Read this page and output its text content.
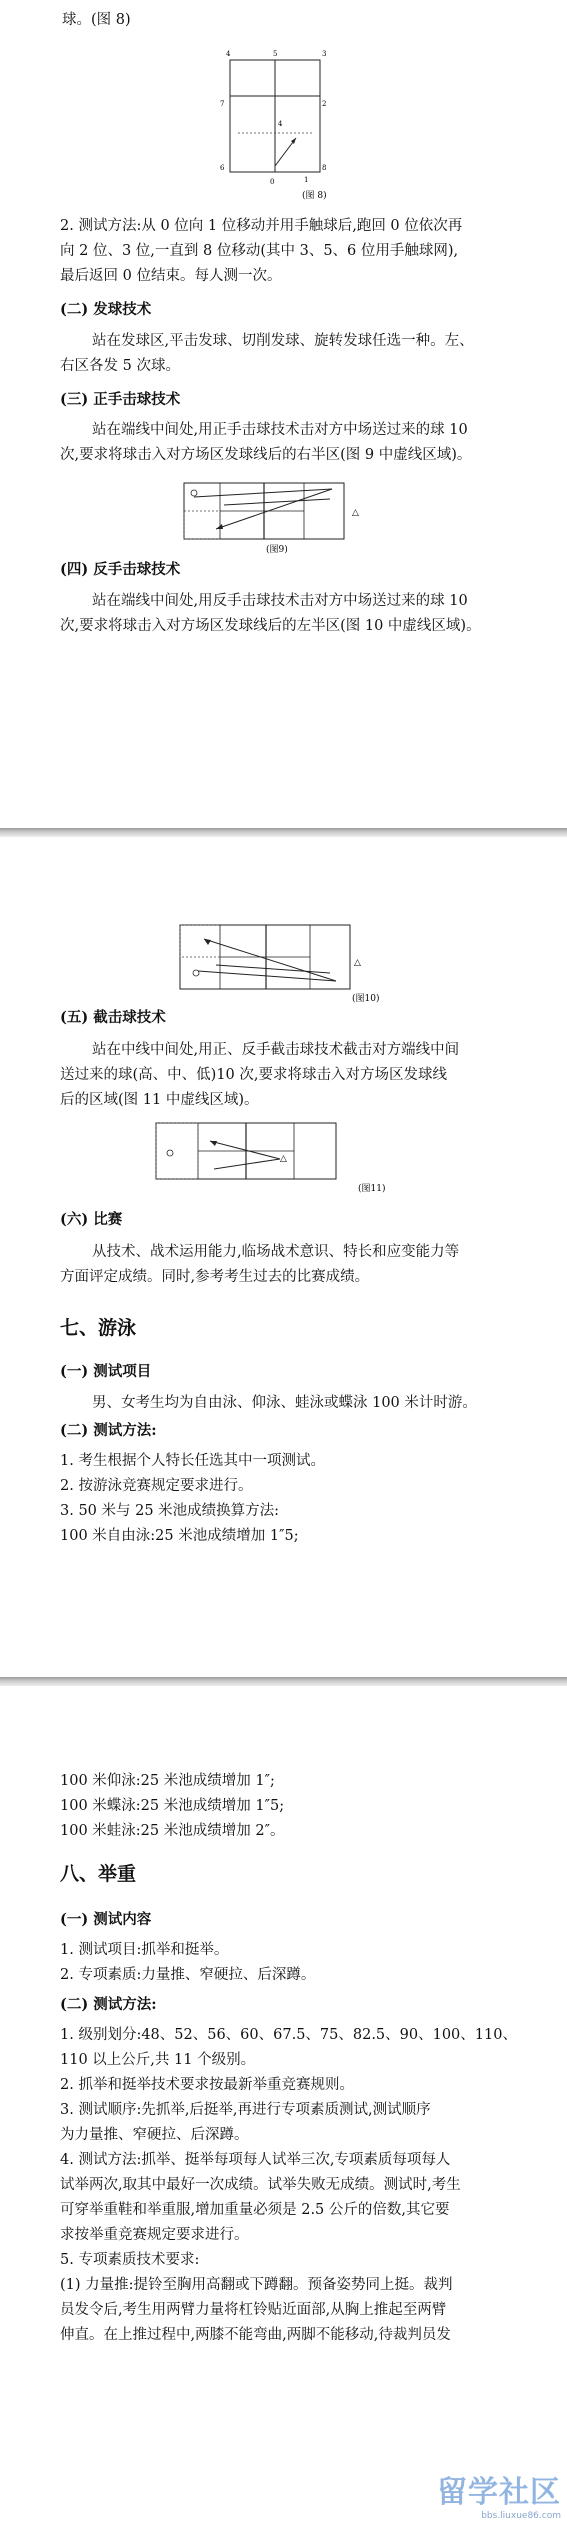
球。(图 8)
4	5	3
7	2
4
6	8
0	1
(图 8)
2. 测试方法:从 0 位向 1 位移动并用手触球后,跑回 0 位依次再
向 2 位、3 位,一直到 8 位移动(其中 3、5、6 位用手触球网),
最后返回 0 位结束。每人测一次。
(二) 发球技术
站在发球区,平击发球、切削发球、旋转发球任选一种。左、
右区各发 5 次球。
(三) 正手击球技术
站在端线中间处,用正手击球技术击对方中场送过来的球 10
次,要求将球击入对方场区发球线后的右半区(图 9 中虚线区域)。
△
(图9)
(四) 反手击球技术
站在端线中间处,用反手击球技术击对方中场送过来的球 10
次,要求将球击入对方场区发球线后的左半区(图 10 中虚线区域)。
△
(图10)
(五) 截击球技术
站在中线中间处,用正、反手截击球技术截击对方端线中间
送过来的球(高、中、低)10 次,要求将球击入对方场区发球线
后的区域(图 11 中虚线区域)。
△
(图11)
(六) 比赛
从技术、战术运用能力,临场战术意识、特长和应变能力等
方面评定成绩。同时,参考考生过去的比赛成绩。
七、游泳
(一) 测试项目
男、女考生均为自由泳、仰泳、蛙泳或蝶泳 100 米计时游。
(二) 测试方法:
1. 考生根据个人特长任选其中一项测试。
2. 按游泳竞赛规定要求进行。
3. 50 米与 25 米池成绩换算方法:
100 米自由泳:25 米池成绩增加 1″5;
100 米仰泳:25 米池成绩增加 1″;
100 米蝶泳:25 米池成绩增加 1″5;
100 米蛙泳:25 米池成绩增加 2″。
八、举重
(一) 测试内容
1. 测试项目:抓举和挺举。
2. 专项素质:力量推、窄硬拉、后深蹲。
(二) 测试方法:
1. 级别划分:48、52、56、60、67.5、75、82.5、90、100、110、
110 以上公斤,共 11 个级别。
2. 抓举和挺举技术要求按最新举重竞赛规则。
3. 测试顺序:先抓举,后挺举,再进行专项素质测试,测试顺序
为力量推、窄硬拉、后深蹲。
4. 测试方法:抓举、挺举每项每人试举三次,专项素质每项每人
试举两次,取其中最好一次成绩。试举失败无成绩。测试时,考生
可穿举重鞋和举重服,增加重量必须是 2.5 公斤的倍数,其它要
求按举重竞赛规定要求进行。
5. 专项素质技术要求:
(1) 力量推:提铃至胸用高翻或下蹲翻。预备姿势同上挺。裁判
员发令后,考生用两臂力量将杠铃贴近面部,从胸上推起至两臂
伸直。在上推过程中,两膝不能弯曲,两脚不能移动,待裁判员发
留学社区
bbs.liuxue86.com
